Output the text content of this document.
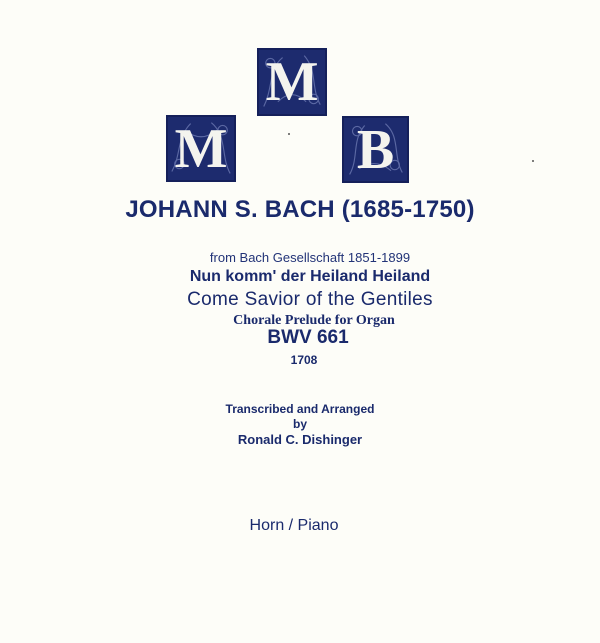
M
M B
JOHANN S. BACH (1685-1750)
from Bach Gesellschaft 1851-1899
Nun komm' der Heiland Heiland
Come Savior of the Gentiles
Chorale Prelude for Organ
BWV 661
1708
Transcribed and Arranged
by
Ronald C. Dishinger
Horn / Piano
